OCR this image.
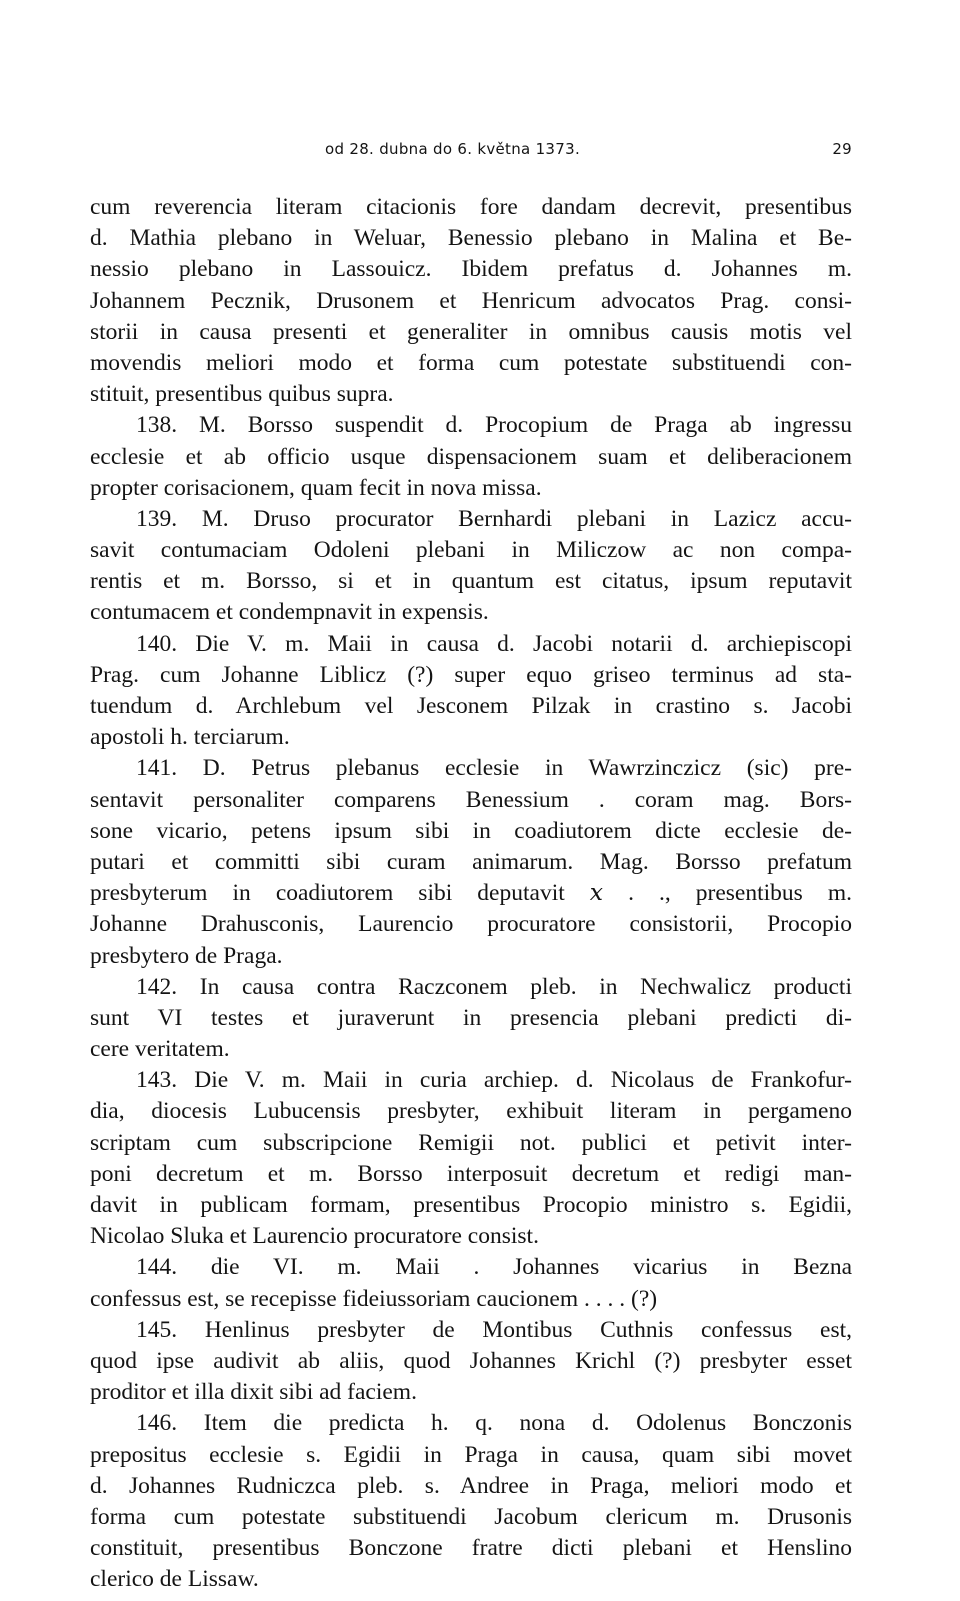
od 28. dubna do 6. května 1373.	29
cum reverencia literam citacionis fore dandam decrevit, presentibus
d. Mathia plebano in Weluar, Benessio plebano in Malina et Be-
nessio plebano in Lassouicz. Ibidem prefatus d. Johannes m.
Johannem Pecznik, Drusonem et Henricum advocatos Prag. consi-
storii in causa presenti et generaliter in omnibus causis motis vel
movendis meliori modo et forma cum potestate substituendi con-
stituit, presentibus quibus supra.
138. M. Borsso suspendit d. Procopium de Praga ab ingressu
ecclesie et ab officio usque dispensacionem suam et deliberacionem
propter corisacionem, quam fecit in nova missa.
139. M. Druso procurator Bernhardi plebani in Lazicz accu-
savit contumaciam Odoleni plebani in Miliczow ac non compa-
rentis et m. Borsso, si et in quantum est citatus, ipsum reputavit
contumacem et condempnavit in expensis.
140. Die V. m. Maii in causa d. Jacobi notarii d. archiepiscopi
Prag. cum Johanne Liblicz (?) super equo griseo terminus ad sta-
tuendum d. Archlebum vel Jesconem Pilzak in crastino s. Jacobi
apostoli h. terciarum.
141. D. Petrus plebanus ecclesie in Wawrzinczicz (sic) pre-
sentavit personaliter comparens Benessium . coram mag. Bors-
sone vicario, petens ipsum sibi in coadiutorem dicte ecclesie de-
putari et committi sibi curam animarum. Mag. Borsso prefatum
presbyterum in coadiutorem sibi deputavit 𝑥 . ., presentibus m.
Johanne Drahusconis, Laurencio procuratore consistorii, Procopio
presbytero de Praga.
142. In causa contra Raczconem pleb. in Nechwalicz producti
sunt VI testes et juraverunt in presencia plebani predicti di-
cere veritatem.
143. Die V. m. Maii in curia archiep. d. Nicolaus de Frankofur-
dia, diocesis Lubucensis presbyter, exhibuit literam in pergameno
scriptam cum subscripcione Remigii not. publici et petivit inter-
poni decretum et m. Borsso interposuit decretum et redigi man-
davit in publicam formam, presentibus Procopio ministro s. Egidii,
Nicolao Sluka et Laurencio procuratore consist.
144. die VI. m. Maii . Johannes vicarius in Bezna
confessus est, se recepisse fideiussoriam caucionem . . . . (?)
145. Henlinus presbyter de Montibus Cuthnis confessus est,
quod ipse audivit ab aliis, quod Johannes Krichl (?) presbyter esset
proditor et illa dixit sibi ad faciem.
146. Item die predicta h. q. nona d. Odolenus Bonczonis
prepositus ecclesie s. Egidii in Praga in causa, quam sibi movet
d. Johannes Rudniczca pleb. s. Andree in Praga, meliori modo et
forma cum potestate substituendi Jacobum clericum m. Drusonis
constituit, presentibus Bonczone fratre dicti plebani et Henslino
clerico de Lissaw.
